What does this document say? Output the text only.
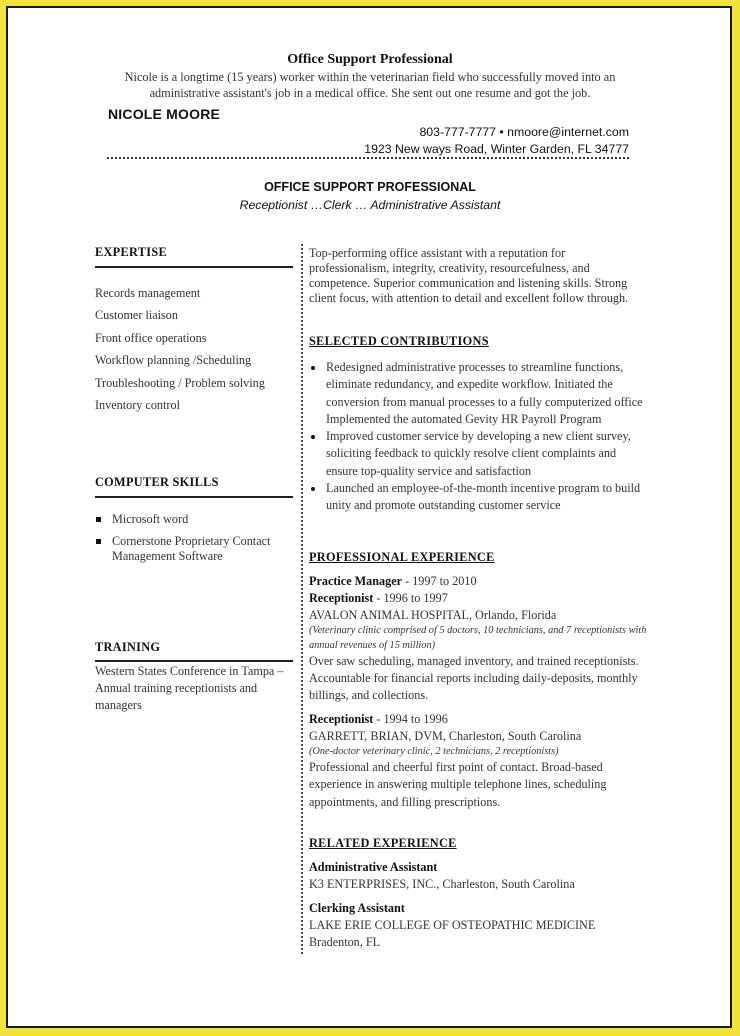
Office Support Professional
Nicole is a longtime (15 years) worker within the veterinarian field who successfully moved into an administrative assistant's job in a medical office. She sent out one resume and got the job.
NICOLE MOORE
803-777-7777 • nmoore@internet.com
1923 New ways Road, Winter Garden, FL 34777
OFFICE SUPPORT PROFESSIONAL
Receptionist …Clerk … Administrative Assistant
EXPERTISE
Records management
Customer liaison
Front office operations
Workflow planning /Scheduling
Troubleshooting / Problem solving
Inventory control
COMPUTER SKILLS
Microsoft word
Cornerstone Proprietary Contact Management Software
TRAINING
Western States Conference in Tampa – Annual training receptionists and managers
Top-performing office assistant with a reputation for professionalism, integrity, creativity, resourcefulness, and competence. Superior communication and listening skills. Strong client focus, with attention to detail and excellent follow through.
SELECTED CONTRIBUTIONS
Redesigned administrative processes to streamline functions, eliminate redundancy, and expedite workflow. Initiated the conversion from manual processes to a fully computerized office Implemented the automated Gevity HR Payroll Program
Improved customer service by developing a new client survey, soliciting feedback to quickly resolve client complaints and ensure top-quality service and satisfaction
Launched an employee-of-the-month incentive program to build unity and promote outstanding customer service
PROFESSIONAL EXPERIENCE
Practice Manager - 1997 to 2010
Receptionist - 1996 to 1997
AVALON ANIMAL HOSPITAL, Orlando, Florida
(Veterinary clinic comprised of 5 doctors, 10 technicians, and 7 receptionists with annual revenues of 15 million)
Over saw scheduling, managed inventory, and trained receptionists. Accountable for financial reports including daily-deposits, monthly billings, and collections.
Receptionist - 1994 to 1996
GARRETT, BRIAN, DVM, Charleston, South Carolina
(One-doctor veterinary clinic, 2 technicians, 2 receptionists)
Professional and cheerful first point of contact. Broad-based experience in answering multiple telephone lines, scheduling appointments, and filling prescriptions.
RELATED EXPERIENCE
Administrative Assistant
K3 ENTERPRISES, INC., Charleston, South Carolina
Clerking Assistant
LAKE ERIE COLLEGE OF OSTEOPATHIC MEDICINE
Bradenton, FL
